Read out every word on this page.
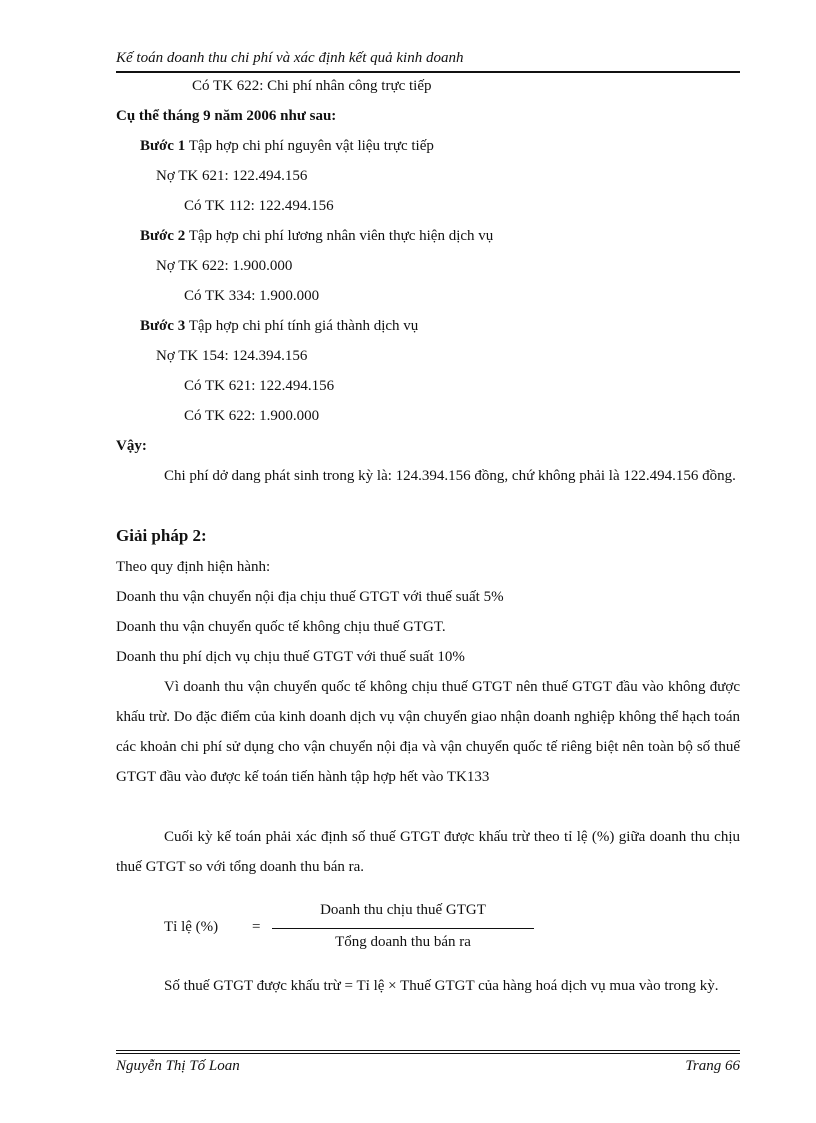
Kế toán doanh thu chi phí và xác định kết quả kinh doanh
Có TK 622: Chi phí nhân công trực tiếp
Cụ thể tháng 9 năm 2006 như sau:
Bước 1 Tập hợp chi phí nguyên vật liệu trực tiếp
Nợ TK 621: 122.494.156
Có TK 112: 122.494.156
Bước 2 Tập hợp chi phí lương nhân viên thực hiện dịch vụ
Nợ TK 622: 1.900.000
Có TK 334: 1.900.000
Bước 3 Tập hợp chi phí tính giá thành dịch vụ
Nợ TK 154: 124.394.156
Có TK 621: 122.494.156
Có TK 622: 1.900.000
Vậy:
Chi phí dở dang phát sinh trong kỳ là: 124.394.156 đồng, chứ không phải là 122.494.156 đồng.
Giải pháp 2:
Theo quy định hiện hành:
Doanh thu vận chuyển nội địa chịu thuế GTGT với thuế suất 5%
Doanh thu vận chuyển quốc tế không chịu thuế GTGT.
Doanh thu phí dịch vụ chịu thuế GTGT với thuế suất 10%
Vì doanh thu vận chuyển quốc tế không chịu thuế GTGT nên thuế GTGT đầu vào không được khấu trừ. Do đặc điểm của kinh doanh dịch vụ vận chuyển giao nhận doanh nghiệp không thể hạch toán các khoản chi phí sử dụng cho vận chuyển nội địa và vận chuyển quốc tế riêng biệt nên toàn bộ số thuế GTGT đầu vào được kế toán tiến hành tập hợp hết vào TK133
Cuối kỳ kế toán phải xác định số thuế GTGT được khấu trừ theo tỉ lệ (%) giữa doanh thu chịu thuế GTGT so với tổng doanh thu bán ra.
Tỉ lệ (%) =
Doanh thu chịu thuế GTGT
Tổng doanh thu bán ra
Số thuế GTGT được khấu trừ = Tỉ lệ × Thuế GTGT của hàng hoá dịch vụ mua vào trong kỳ.
Nguyễn Thị Tố Loan	Trang 66
